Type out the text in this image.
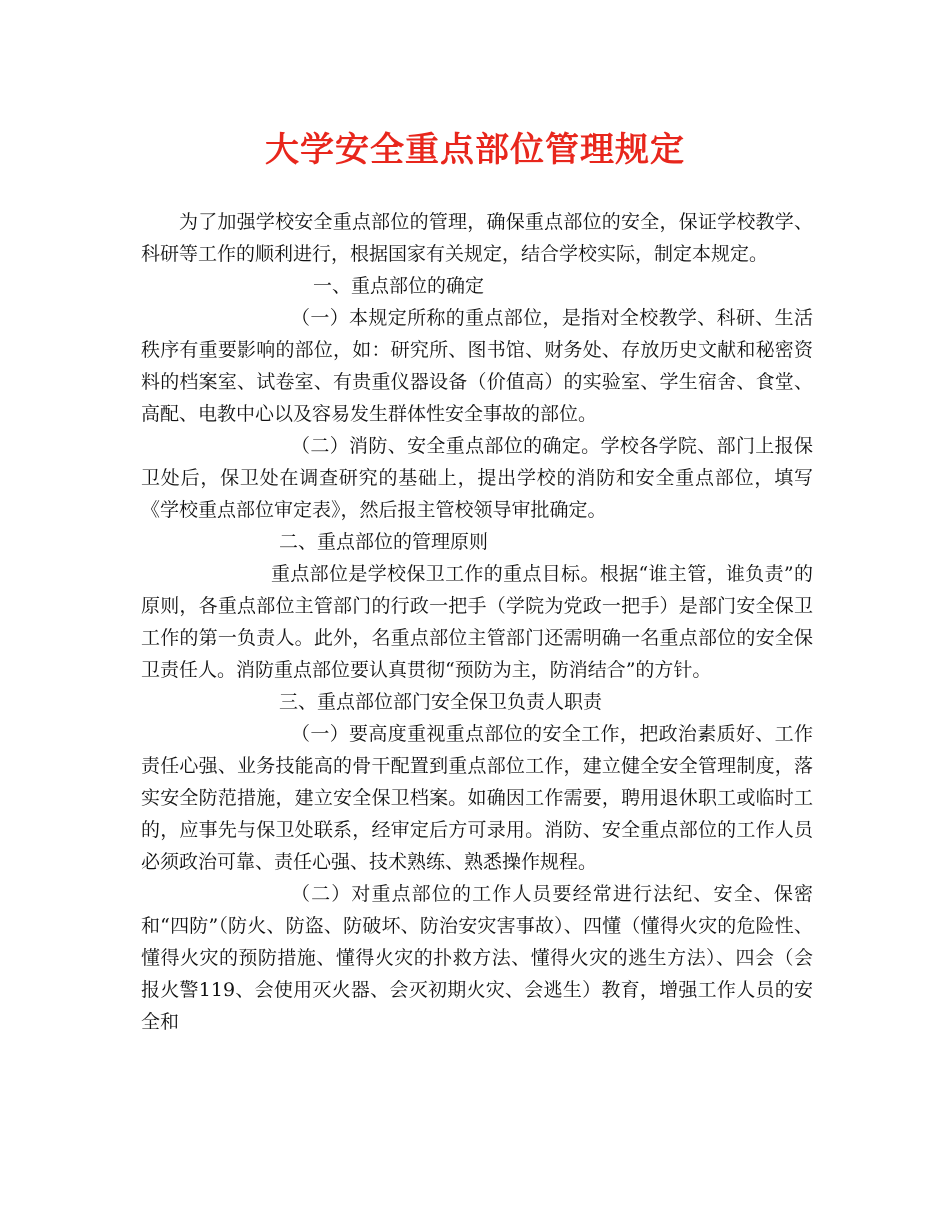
大学安全重点部位管理规定

为了加强学校安全重点部位的管理，确保重点部位的安全，保证学校教学、科研等工作的顺利进行，根据国家有关规定，结合学校实际，制定本规定。

一、重点部位的确定

（一）本规定所称的重点部位，是指对全校教学、科研、生活秩序有重要影响的部位，如：研究所、图书馆、财务处、存放历史文献和秘密资料的档案室、试卷室、有贵重仪器设备（价值高）的实验室、学生宿舍、食堂、高配、电教中心以及容易发生群体性安全事故的部位。

（二）消防、安全重点部位的确定。学校各学院、部门上报保卫处后，保卫处在调查研究的基础上，提出学校的消防和安全重点部位，填写《学校重点部位审定表》，然后报主管校领导审批确定。

二、重点部位的管理原则

重点部位是学校保卫工作的重点目标。根据“谁主管，谁负责”的原则，各重点部位主管部门的行政一把手（学院为党政一把手）是部门安全保卫工作的第一负责人。此外，名重点部位主管部门还需明确一名重点部位的安全保卫责任人。消防重点部位要认真贯彻“预防为主，防消结合”的方针。

三、重点部位部门安全保卫负责人职责

（一）要高度重视重点部位的安全工作，把政治素质好、工作责任心强、业务技能高的骨干配置到重点部位工作，建立健全安全管理制度，落实安全防范措施，建立安全保卫档案。如确因工作需要，聘用退休职工或临时工的，应事先与保卫处联系，经审定后方可录用。消防、安全重点部位的工作人员必须政治可靠、责任心强、技术熟练、熟悉操作规程。

（二）对重点部位的工作人员要经常进行法纪、安全、保密和“四防”（防火、防盗、防破坏、防治安灾害事故）、四懂（懂得火灾的危险性、懂得火灾的预防措施、懂得火灾的扑救方法、懂得火灾的逃生方法）、四会（会报火警119、会使用灭火器、会灭初期火灾、会逃生）教育，增强工作人员的安全和
